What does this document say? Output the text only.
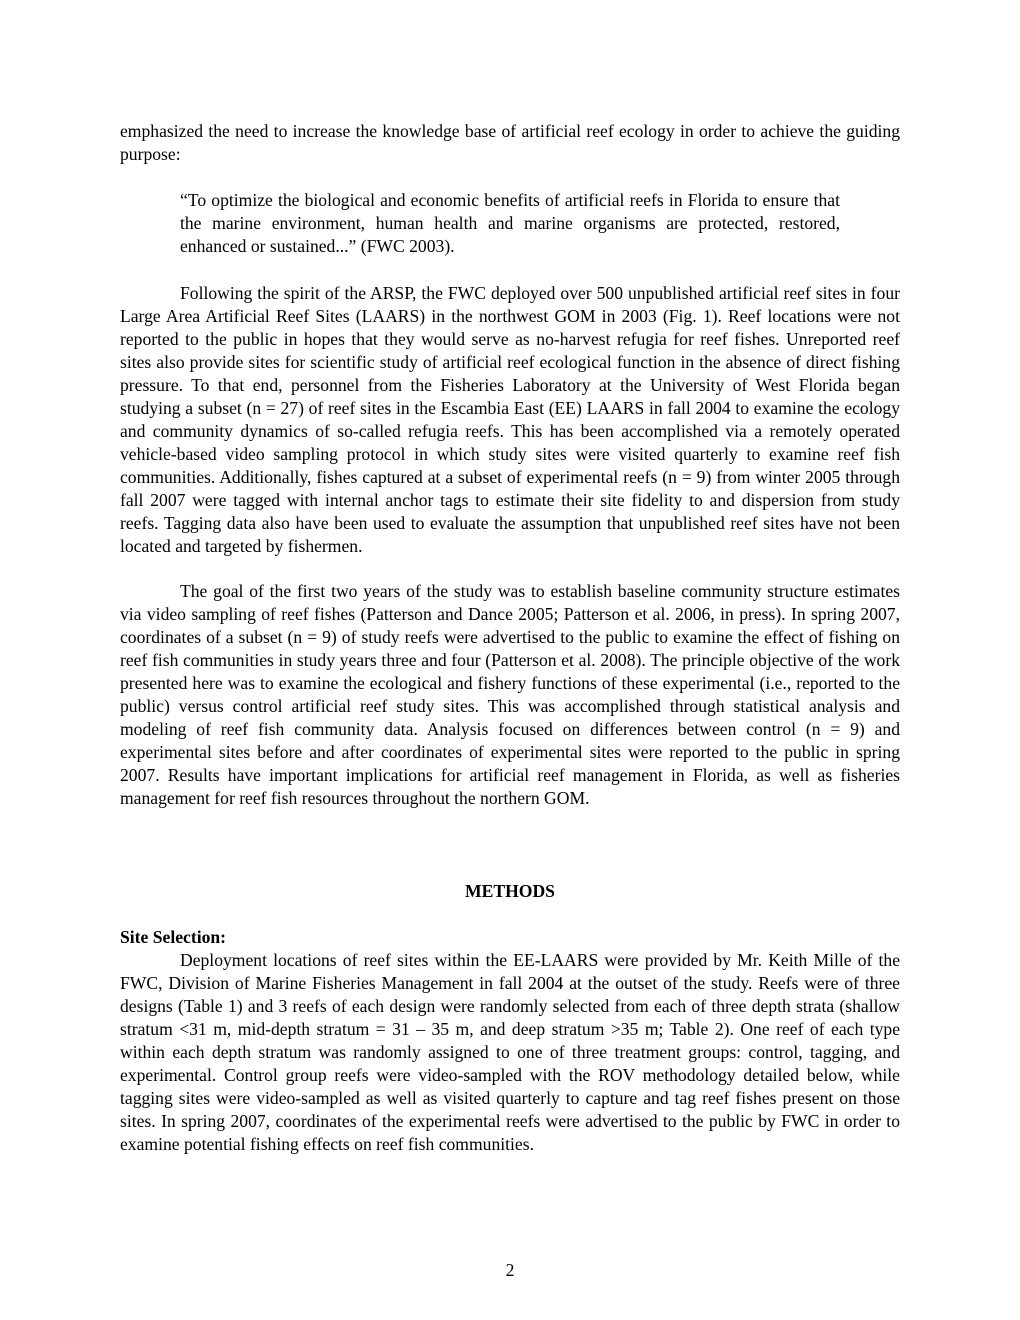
emphasized the need to increase the knowledge base of artificial reef ecology in order to achieve the guiding purpose:

“To optimize the biological and economic benefits of artificial reefs in Florida to ensure that the marine environment, human health and marine organisms are protected, restored, enhanced or sustained...” (FWC 2003).

Following the spirit of the ARSP, the FWC deployed over 500 unpublished artificial reef sites in four Large Area Artificial Reef Sites (LAARS) in the northwest GOM in 2003 (Fig. 1). Reef locations were not reported to the public in hopes that they would serve as no-harvest refugia for reef fishes. Unreported reef sites also provide sites for scientific study of artificial reef ecological function in the absence of direct fishing pressure. To that end, personnel from the Fisheries Laboratory at the University of West Florida began studying a subset (n = 27) of reef sites in the Escambia East (EE) LAARS in fall 2004 to examine the ecology and community dynamics of so-called refugia reefs. This has been accomplished via a remotely operated vehicle-based video sampling protocol in which study sites were visited quarterly to examine reef fish communities. Additionally, fishes captured at a subset of experimental reefs (n = 9) from winter 2005 through fall 2007 were tagged with internal anchor tags to estimate their site fidelity to and dispersion from study reefs. Tagging data also have been used to evaluate the assumption that unpublished reef sites have not been located and targeted by fishermen.

The goal of the first two years of the study was to establish baseline community structure estimates via video sampling of reef fishes (Patterson and Dance 2005; Patterson et al. 2006, in press). In spring 2007, coordinates of a subset (n = 9) of study reefs were advertised to the public to examine the effect of fishing on reef fish communities in study years three and four (Patterson et al. 2008). The principle objective of the work presented here was to examine the ecological and fishery functions of these experimental (i.e., reported to the public) versus control artificial reef study sites. This was accomplished through statistical analysis and modeling of reef fish community data. Analysis focused on differences between control (n = 9) and experimental sites before and after coordinates of experimental sites were reported to the public in spring 2007. Results have important implications for artificial reef management in Florida, as well as fisheries management for reef fish resources throughout the northern GOM.

METHODS

Site Selection:

Deployment locations of reef sites within the EE-LAARS were provided by Mr. Keith Mille of the FWC, Division of Marine Fisheries Management in fall 2004 at the outset of the study. Reefs were of three designs (Table 1) and 3 reefs of each design were randomly selected from each of three depth strata (shallow stratum <31 m, mid-depth stratum = 31 – 35 m, and deep stratum >35 m; Table 2). One reef of each type within each depth stratum was randomly assigned to one of three treatment groups: control, tagging, and experimental. Control group reefs were video-sampled with the ROV methodology detailed below, while tagging sites were video-sampled as well as visited quarterly to capture and tag reef fishes present on those sites. In spring 2007, coordinates of the experimental reefs were advertised to the public by FWC in order to examine potential fishing effects on reef fish communities.

2
